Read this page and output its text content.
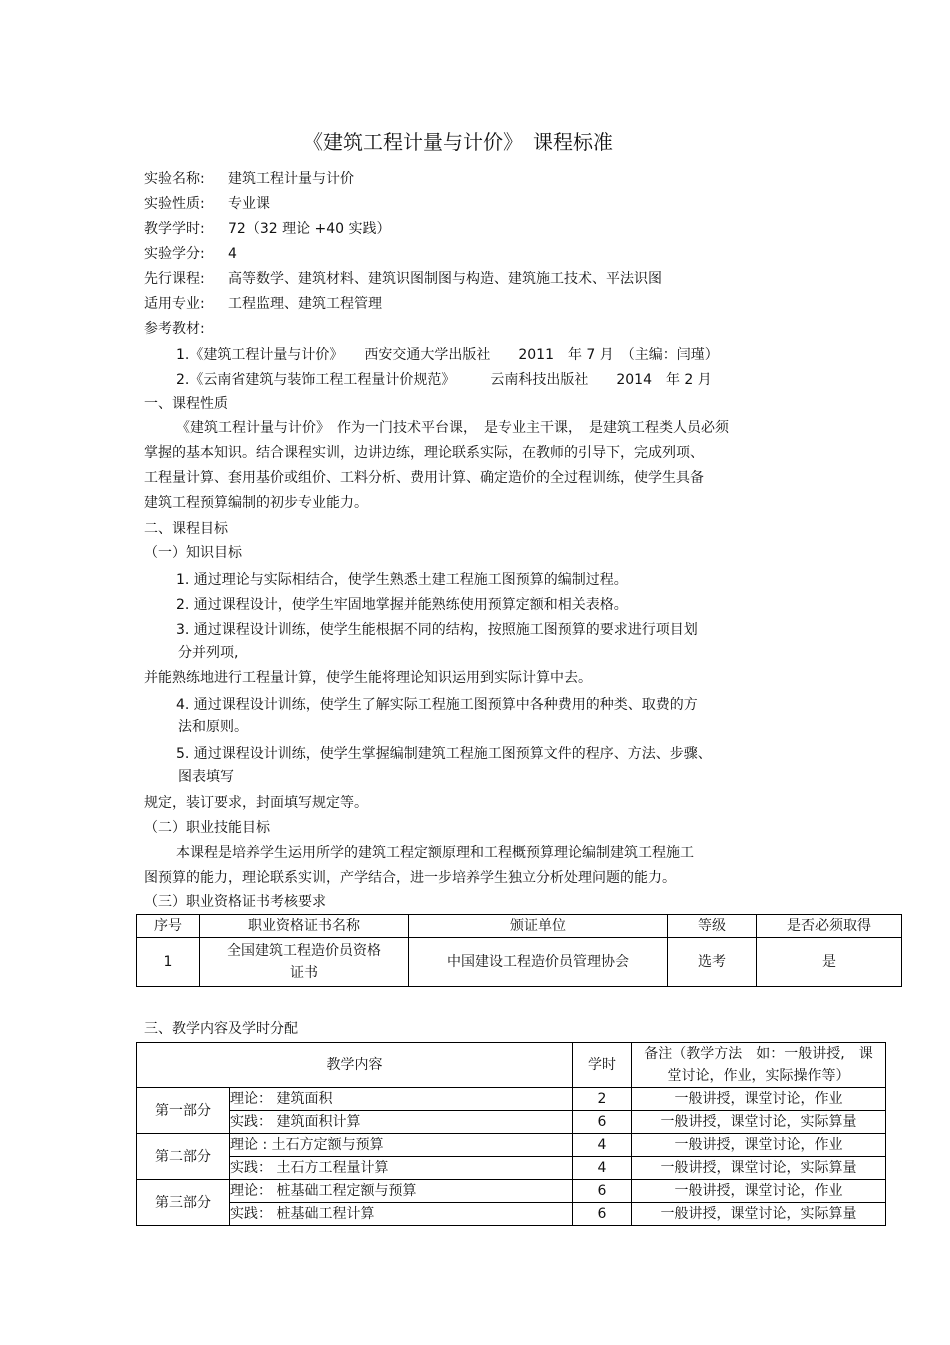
《建筑工程计量与计价》　课程标准
实验名称: 建筑工程计量与计价
实验性质: 专业课
教学学时: 72（32 理论 +40 实践）
实验学分: 4
先行课程: 高等数学、建筑材料、建筑识图制图与构造、建筑施工技术、平法识图
适用专业: 工程监理、建筑工程管理
参考教材:
1.《建筑工程计量与计价》　　西安交通大学出版社　　2011　年 7 月　（主编：闫瑾）
2.《云南省建筑与装饰工程工程量计价规范》　　　云南科技出版社　　2014　年 2 月
一、课程性质
《建筑工程计量与计价》　作为一门技术平台课，　是专业主干课，　是建筑工程类人员必须
掌握的基本知识。结合课程实训，边讲边练，理论联系实际，在教师的引导下，完成列项、
工程量计算、套用基价或组价、工料分析、费用计算、确定造价的全过程训练，使学生具备
建筑工程预算编制的初步专业能力。
二、课程目标
（一）知识目标
1. 通过理论与实际相结合，使学生熟悉土建工程施工图预算的编制过程。
2. 通过课程设计，使学生牢固地掌握并能熟练使用预算定额和相关表格。
3. 通过课程设计训练，使学生能根据不同的结构，按照施工图预算的要求进行项目划
分并列项,
并能熟练地进行工程量计算，使学生能将理论知识运用到实际计算中去。
4. 通过课程设计训练，使学生了解实际工程施工图预算中各种费用的种类、取费的方
法和原则。
5. 通过课程设计训练，使学生掌握编制建筑工程施工图预算文件的程序、方法、步骤、
图表填写
规定，装订要求，封面填写规定等。
（二）职业技能目标
本课程是培养学生运用所学的建筑工程定额原理和工程概预算理论编制建筑工程施工
图预算的能力，理论联系实训，产学结合，进一步培养学生独立分析处理问题的能力。
（三）职业资格证书考核要求
序号	职业资格证书名称	颁证单位	等级	是否必须取得
1	全国建筑工程造价员资格
证书	中国建设工程造价员管理协会	选考	是
三、教学内容及学时分配
教学内容		学时	备注（教学方法　如：一般讲授,　课
堂讨论，作业，实际操作等）

第一部分	理论： 建筑面积	2	一般讲授，课堂讨论，作业
	实践： 建筑面积计算	6	一般讲授，课堂讨论，实际算量
第二部分	理论 : 土石方定额与预算	4	一般讲授，课堂讨论，作业
	实践： 土石方工程量计算	4	一般讲授，课堂讨论，实际算量
第三部分	理论： 桩基础工程定额与预算	6	一般讲授，课堂讨论，作业
	实践： 桩基础工程计算	6	一般讲授，课堂讨论，实际算量
